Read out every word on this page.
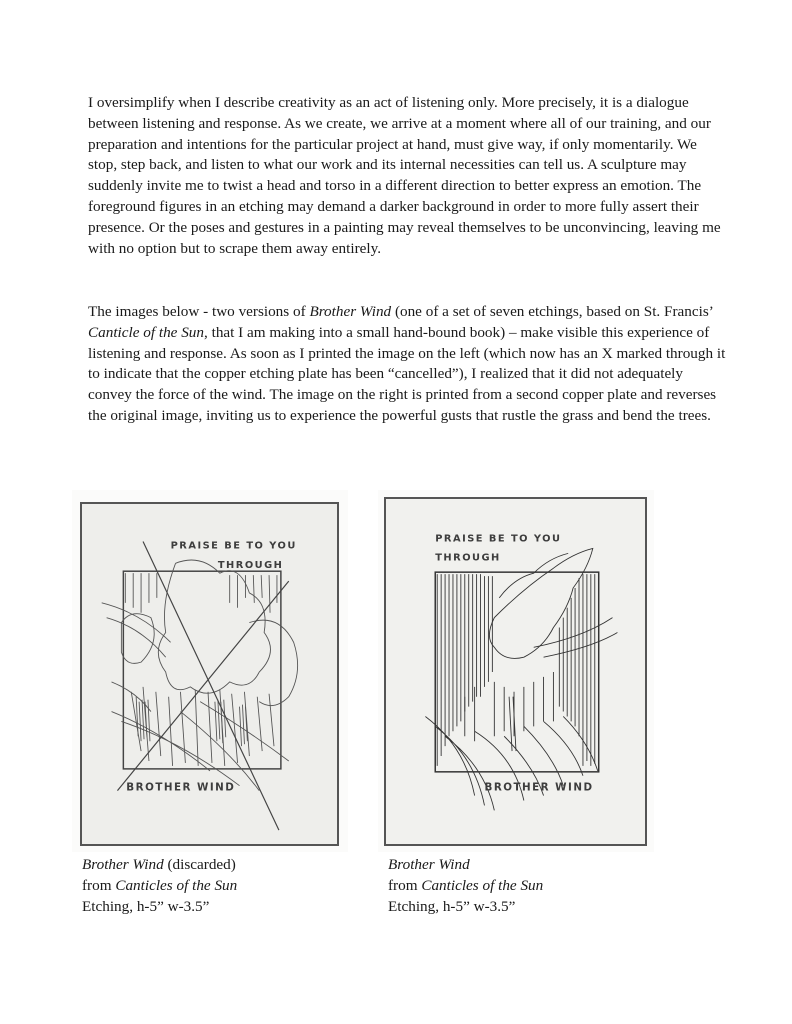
I oversimplify when I describe creativity as an act of listening only. More precisely, it is a dialogue between listening and response. As we create, we arrive at a moment where all of our training, and our preparation and intentions for the particular project at hand, must give way, if only momentarily. We stop, step back, and listen to what our work and its internal necessities can tell us. A sculpture may suddenly invite me to twist a head and torso in a different direction to better express an emotion. The foreground figures in an etching may demand a darker background in order to more fully assert their presence. Or the poses and gestures in a painting may reveal themselves to be unconvincing, leaving me with no option but to scrape them away entirely.

The images below - two versions of Brother Wind (one of a set of seven etchings, based on St. Francis’ Canticle of the Sun, that I am making into a small hand-bound book) – make visible this experience of listening and response. As soon as I printed the image on the left (which now has an X marked through it to indicate that the copper etching plate has been “cancelled”), I realized that it did not adequately convey the force of the wind. The image on the right is printed from a second copper plate and reverses the original image, inviting us to experience the powerful gusts that rustle the grass and bend the trees.

PRAISE BE TO YOU
THROUGH
BROTHER WIND
PRAISE BE TO YOU
THROUGH
BROTHER WIND
Brother Wind (discarded)
from Canticles of the Sun
Etching, h-5” w-3.5”
Brother Wind
from Canticles of the Sun
Etching, h-5” w-3.5”
